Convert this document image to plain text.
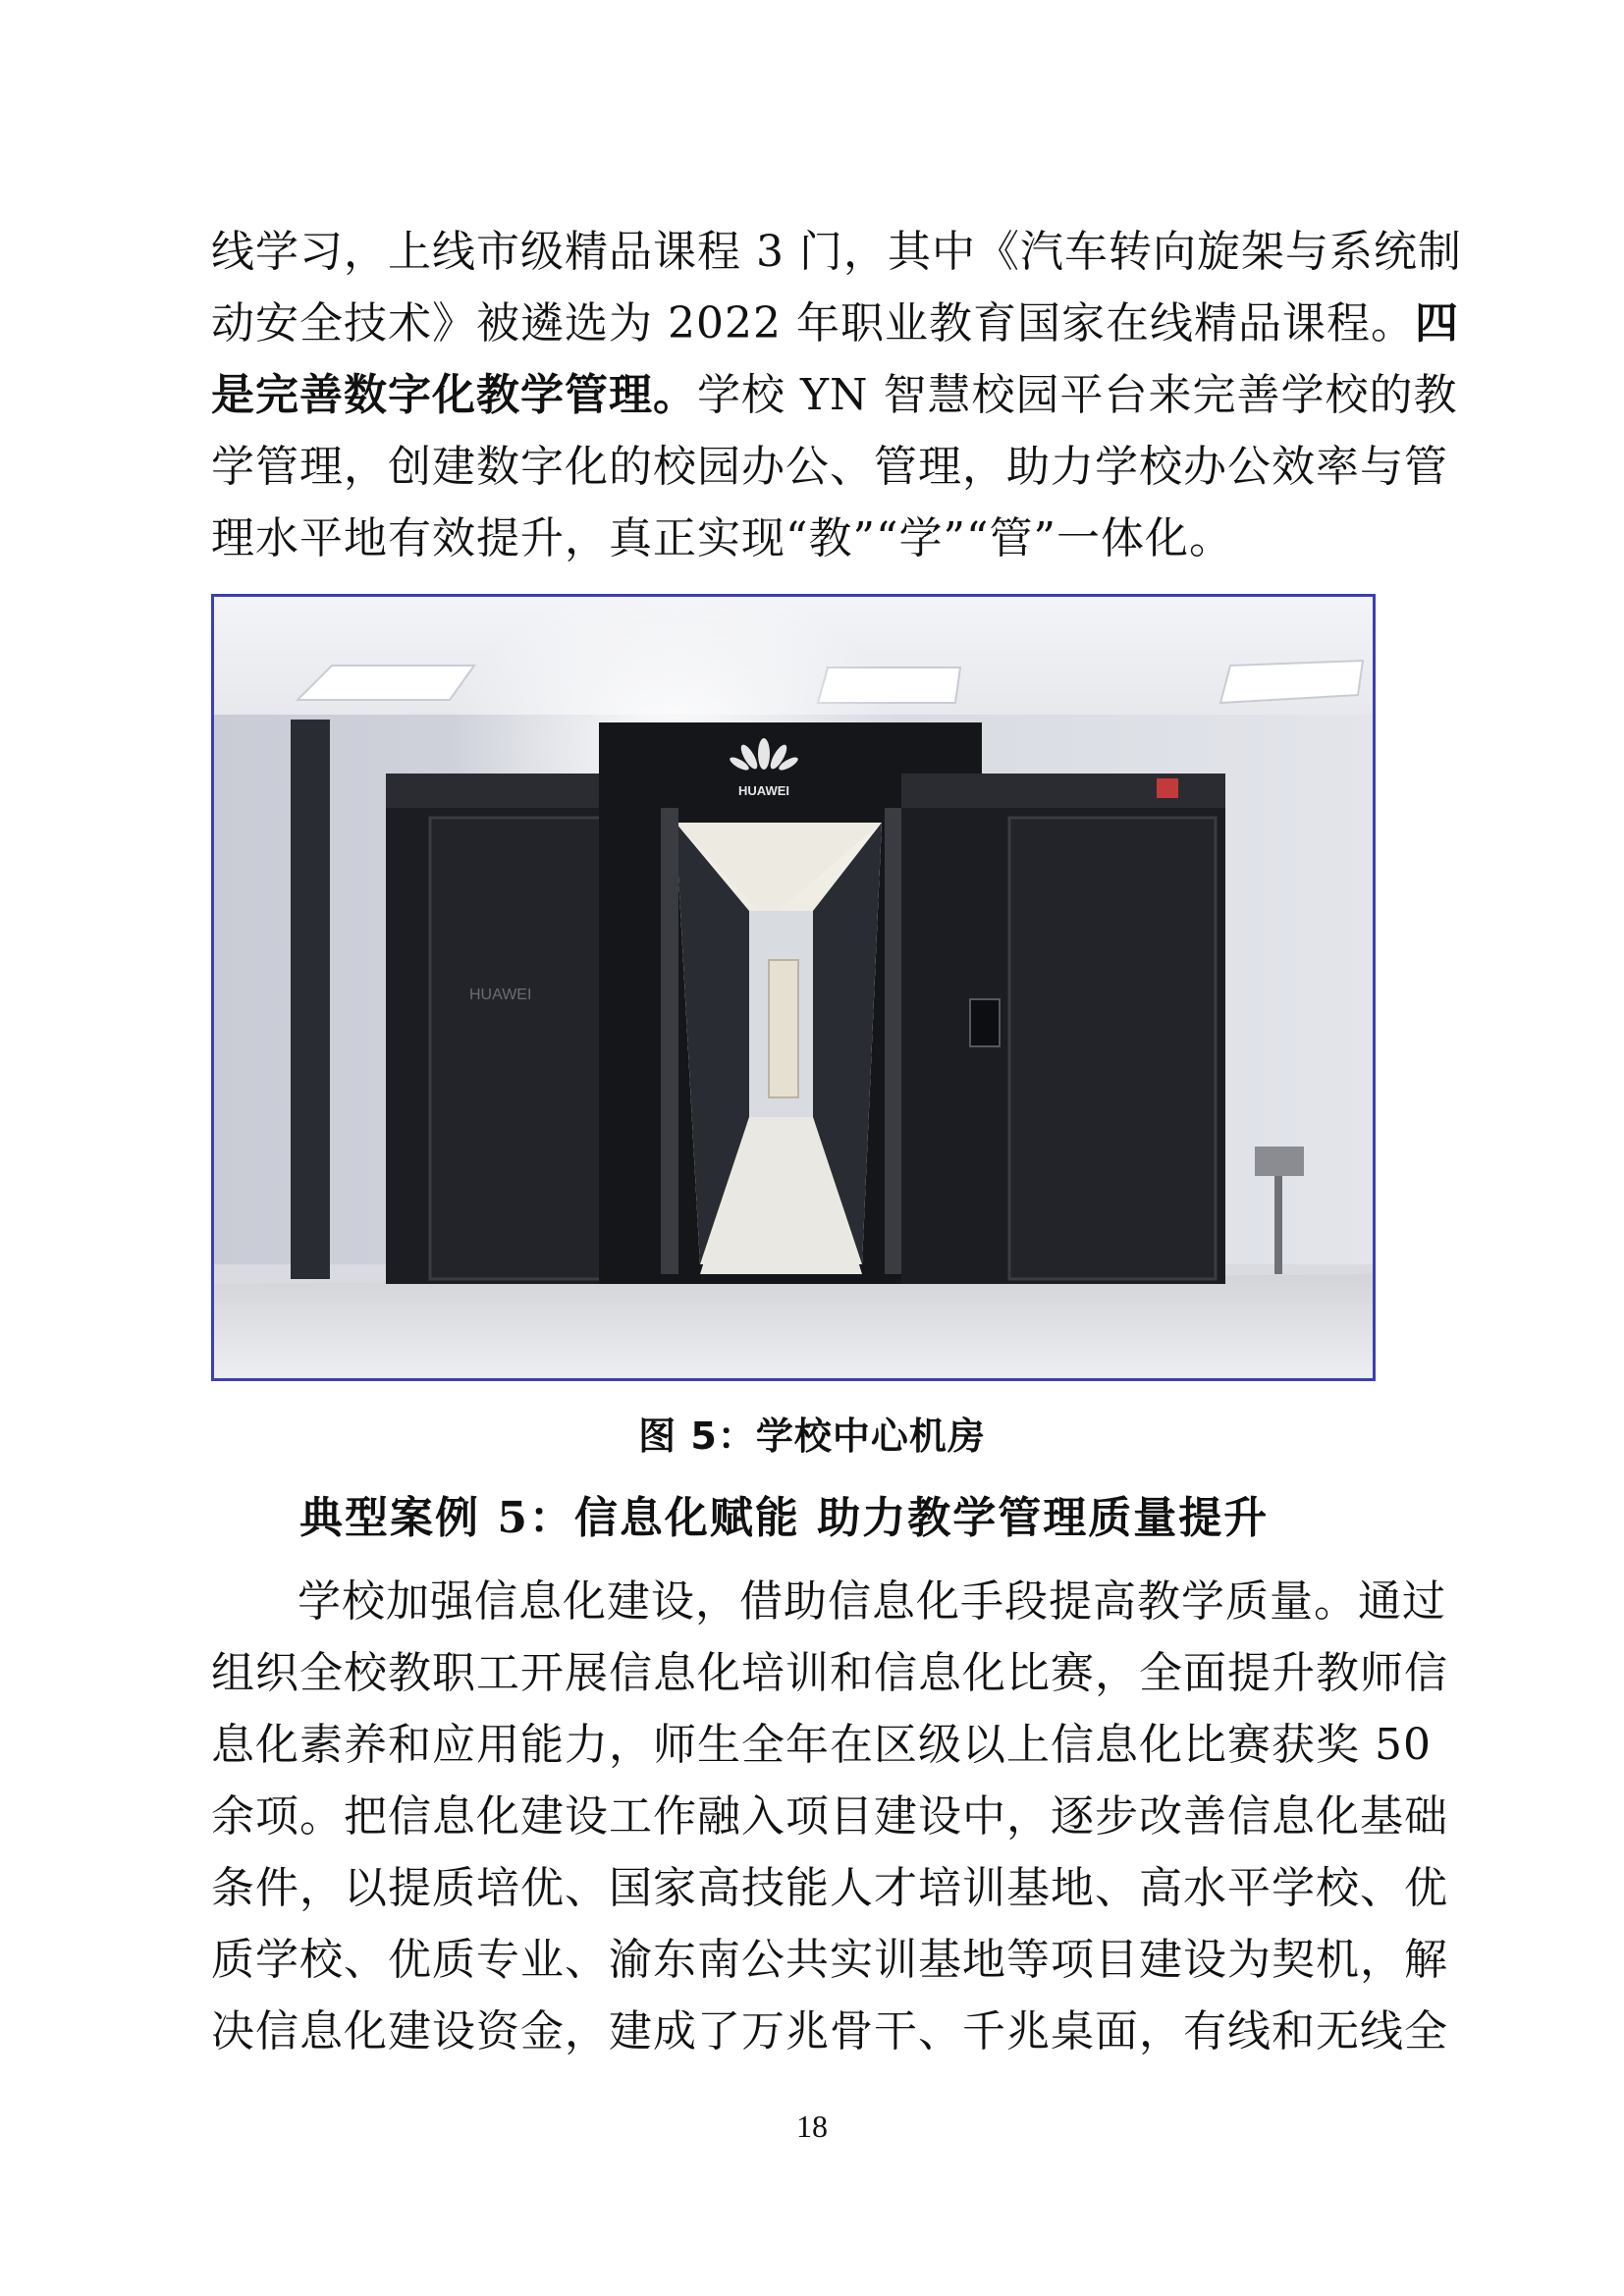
线学习，上线市级精品课程 3 门，其中《汽车转向旋架与系统制
动安全技术》被遴选为 2022 年职业教育国家在线精品课程。四
是完善数字化教学管理。学校 YN 智慧校园平台来完善学校的教
学管理，创建数字化的校园办公、管理，助力学校办公效率与管
理水平地有效提升，真正实现“教”“学”“管”一体化。
HUAWEI
HUAWEI
图 5：学校中心机房
典型案例 5：信息化赋能 助力教学管理质量提升
学校加强信息化建设，借助信息化手段提高教学质量。通过
组织全校教职工开展信息化培训和信息化比赛，全面提升教师信
息化素养和应用能力，师生全年在区级以上信息化比赛获奖 50
余项。把信息化建设工作融入项目建设中，逐步改善信息化基础
条件，以提质培优、国家高技能人才培训基地、高水平学校、优
质学校、优质专业、渝东南公共实训基地等项目建设为契机，解
决信息化建设资金，建成了万兆骨干、千兆桌面，有线和无线全
18
